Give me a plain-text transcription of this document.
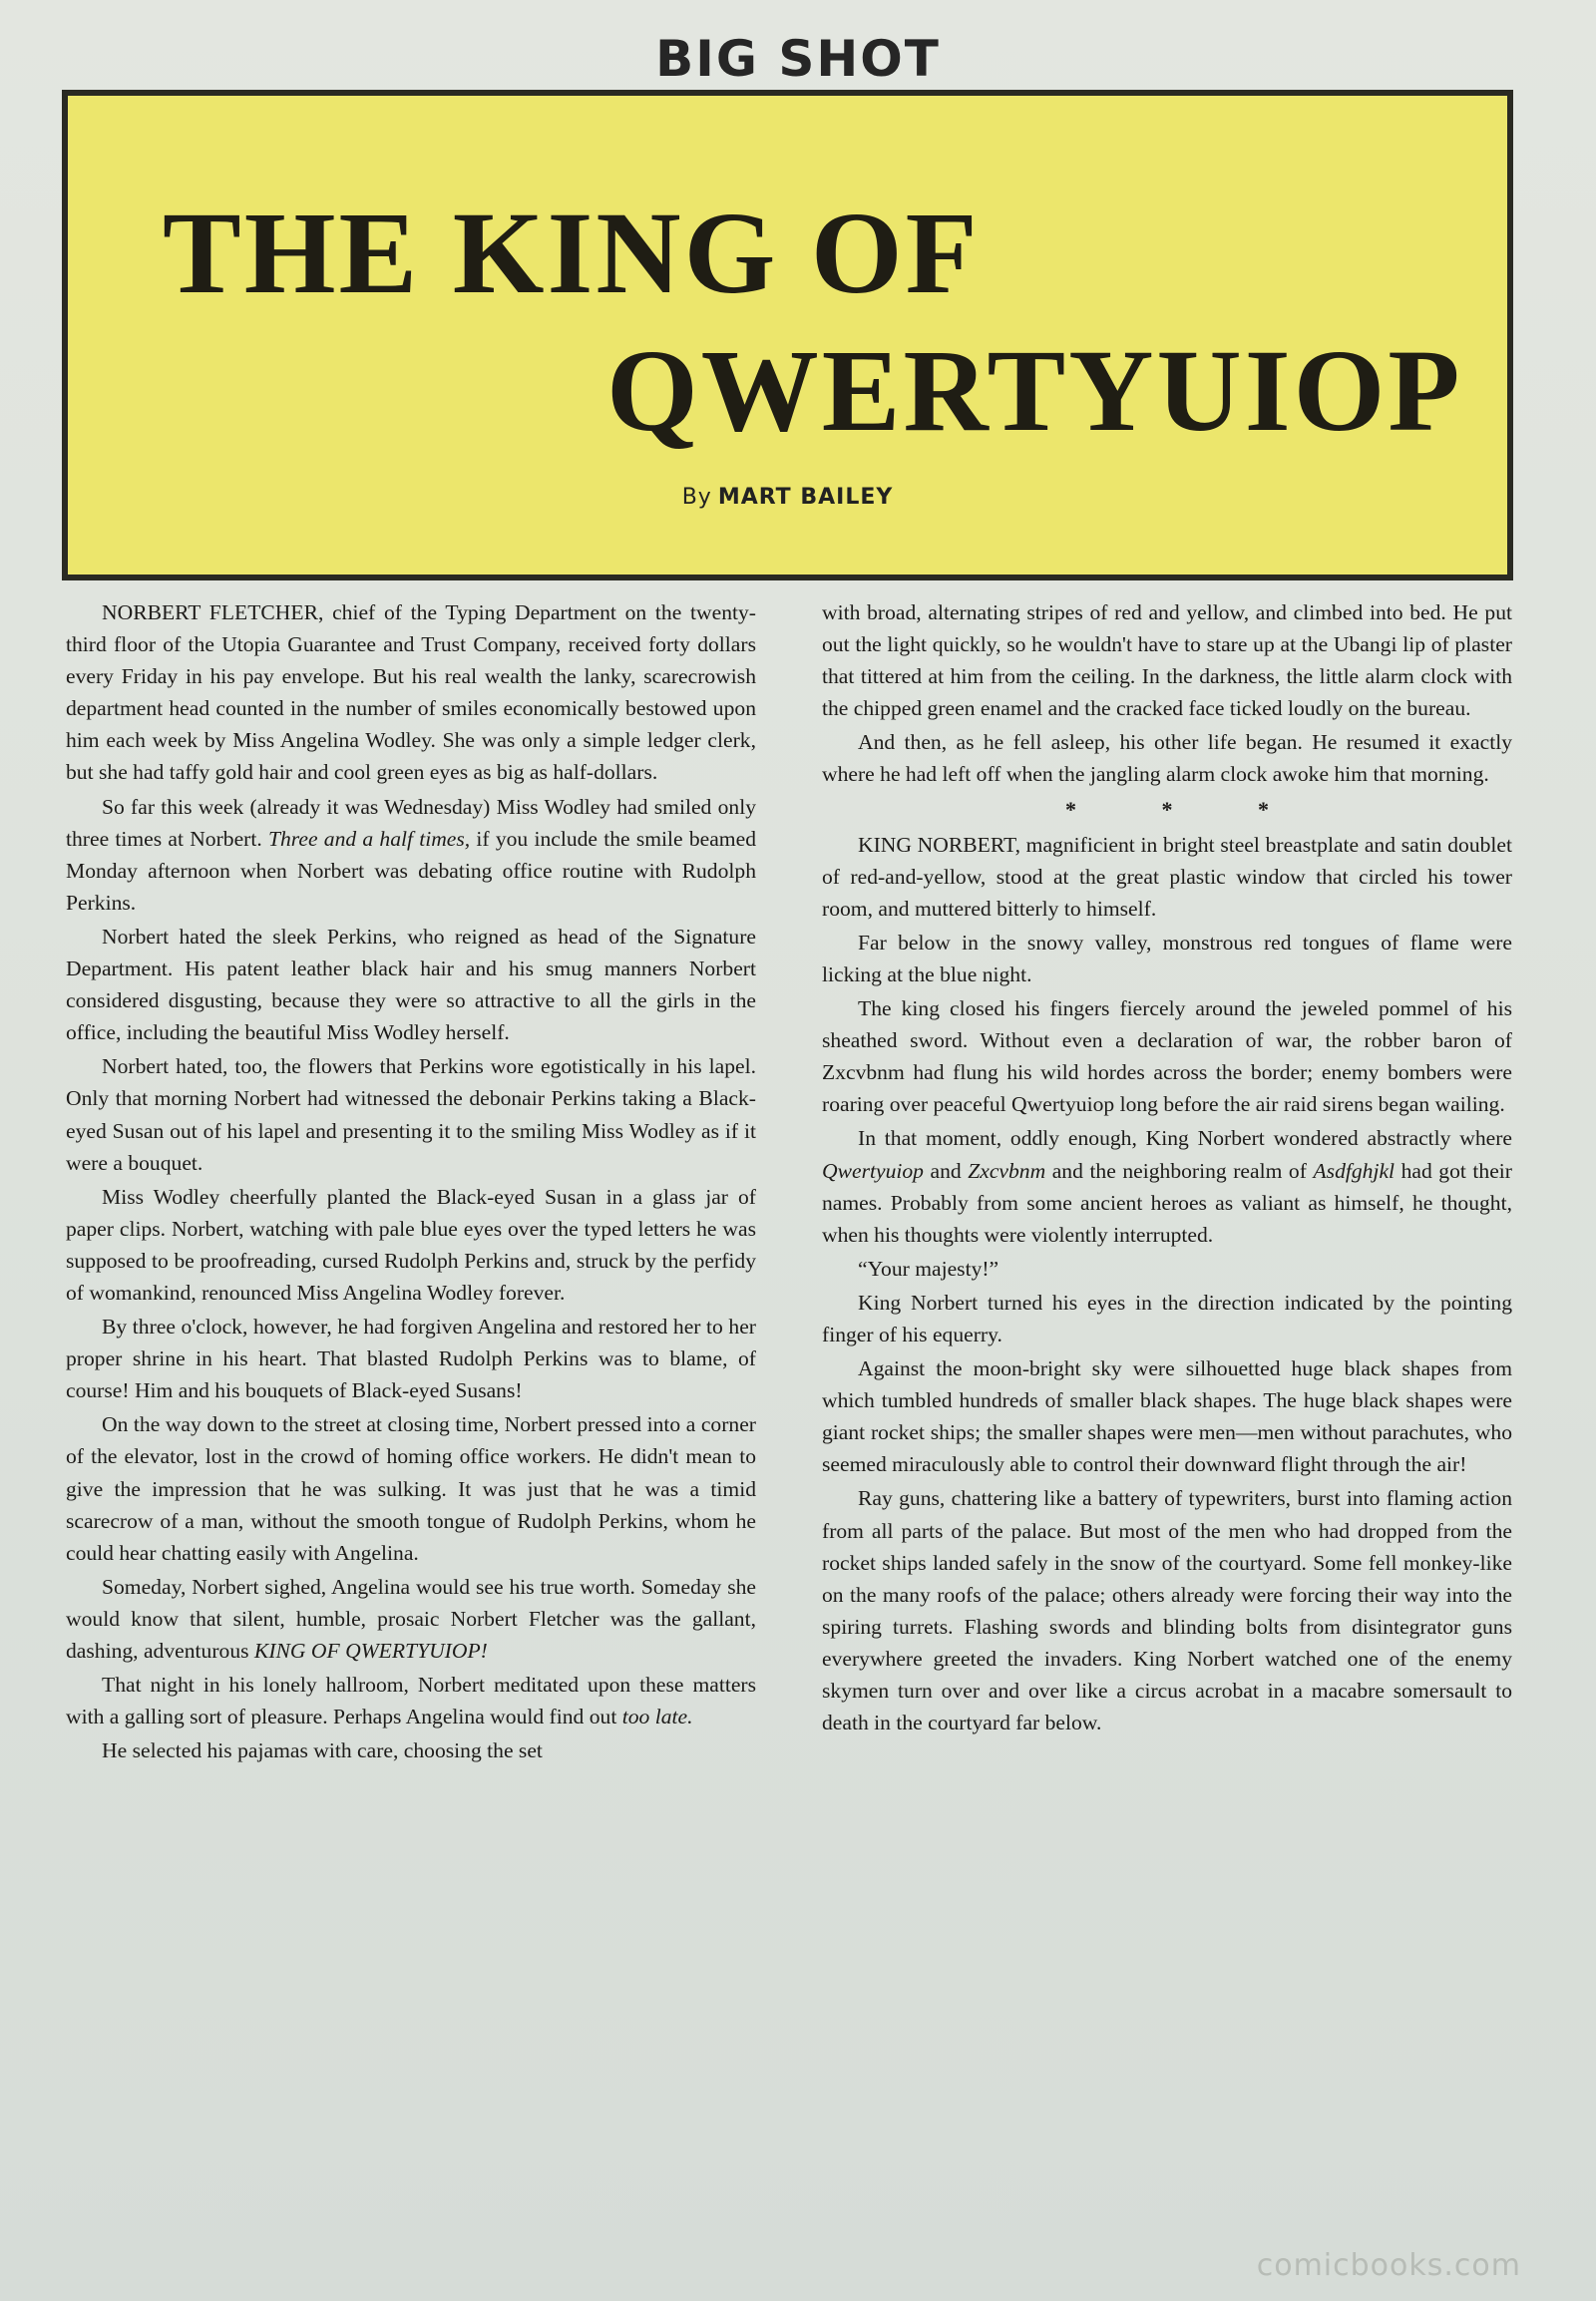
BIG SHOT
THE KING OF
QWERTYUIOP
By MART BAILEY

NORBERT FLETCHER, chief of the Typing Department on the twenty-third floor of the Utopia Guarantee and Trust Company, received forty dollars every Friday in his pay envelope. But his real wealth the lanky, scarecrowish department head counted in the number of smiles economically bestowed upon him each week by Miss Angelina Wodley. She was only a simple ledger clerk, but she had taffy gold hair and cool green eyes as big as half-dollars.

So far this week (already it was Wednesday) Miss Wodley had smiled only three times at Norbert. Three and a half times, if you include the smile beamed Monday afternoon when Norbert was debating office routine with Rudolph Perkins.

Norbert hated the sleek Perkins, who reigned as head of the Signature Department. His patent leather black hair and his smug manners Norbert considered disgusting, because they were so attractive to all the girls in the office, including the beautiful Miss Wodley herself.

Norbert hated, too, the flowers that Perkins wore egotistically in his lapel. Only that morning Norbert had witnessed the debonair Perkins taking a Black-eyed Susan out of his lapel and presenting it to the smiling Miss Wodley as if it were a bouquet.

Miss Wodley cheerfully planted the Black-eyed Susan in a glass jar of paper clips. Norbert, watching with pale blue eyes over the typed letters he was supposed to be proofreading, cursed Rudolph Perkins and, struck by the perfidy of womankind, renounced Miss Angelina Wodley forever.

By three o'clock, however, he had forgiven Angelina and restored her to her proper shrine in his heart. That blasted Rudolph Perkins was to blame, of course! Him and his bouquets of Black-eyed Susans!

On the way down to the street at closing time, Norbert pressed into a corner of the elevator, lost in the crowd of homing office workers. He didn't mean to give the impression that he was sulking. It was just that he was a timid scarecrow of a man, without the smooth tongue of Rudolph Perkins, whom he could hear chatting easily with Angelina.

Someday, Norbert sighed, Angelina would see his true worth. Someday she would know that silent, humble, prosaic Norbert Fletcher was the gallant, dashing, adventurous KING OF QWERTYUIOP!

That night in his lonely hallroom, Norbert meditated upon these matters with a galling sort of pleasure. Perhaps Angelina would find out too late.

He selected his pajamas with care, choosing the set

with broad, alternating stripes of red and yellow, and climbed into bed. He put out the light quickly, so he wouldn't have to stare up at the Ubangi lip of plaster that tittered at him from the ceiling. In the darkness, the little alarm clock with the chipped green enamel and the cracked face ticked loudly on the bureau.

And then, as he fell asleep, his other life began. He resumed it exactly where he had left off when the jangling alarm clock awoke him that morning.

* * *

KING NORBERT, magnificient in bright steel breastplate and satin doublet of red-and-yellow, stood at the great plastic window that circled his tower room, and muttered bitterly to himself.

Far below in the snowy valley, monstrous red tongues of flame were licking at the blue night.

The king closed his fingers fiercely around the jeweled pommel of his sheathed sword. Without even a declaration of war, the robber baron of Zxcvbnm had flung his wild hordes across the border; enemy bombers were roaring over peaceful Qwertyuiop long before the air raid sirens began wailing.

In that moment, oddly enough, King Norbert wondered abstractly where Qwertyuiop and Zxcvbnm and the neighboring realm of Asdfghjkl had got their names. Probably from some ancient heroes as valiant as himself, he thought, when his thoughts were violently interrupted.

“Your majesty!”

King Norbert turned his eyes in the direction indicated by the pointing finger of his equerry.

Against the moon-bright sky were silhouetted huge black shapes from which tumbled hundreds of smaller black shapes. The huge black shapes were giant rocket ships; the smaller shapes were men—men without parachutes, who seemed miraculously able to control their downward flight through the air!

Ray guns, chattering like a battery of typewriters, burst into flaming action from all parts of the palace. But most of the men who had dropped from the rocket ships landed safely in the snow of the courtyard. Some fell monkey-like on the many roofs of the palace; others already were forcing their way into the spiring turrets. Flashing swords and blinding bolts from disintegrator guns everywhere greeted the invaders. King Norbert watched one of the enemy skymen turn over and over like a circus acrobat in a macabre somersault to death in the courtyard far below.

comicbooks.com
